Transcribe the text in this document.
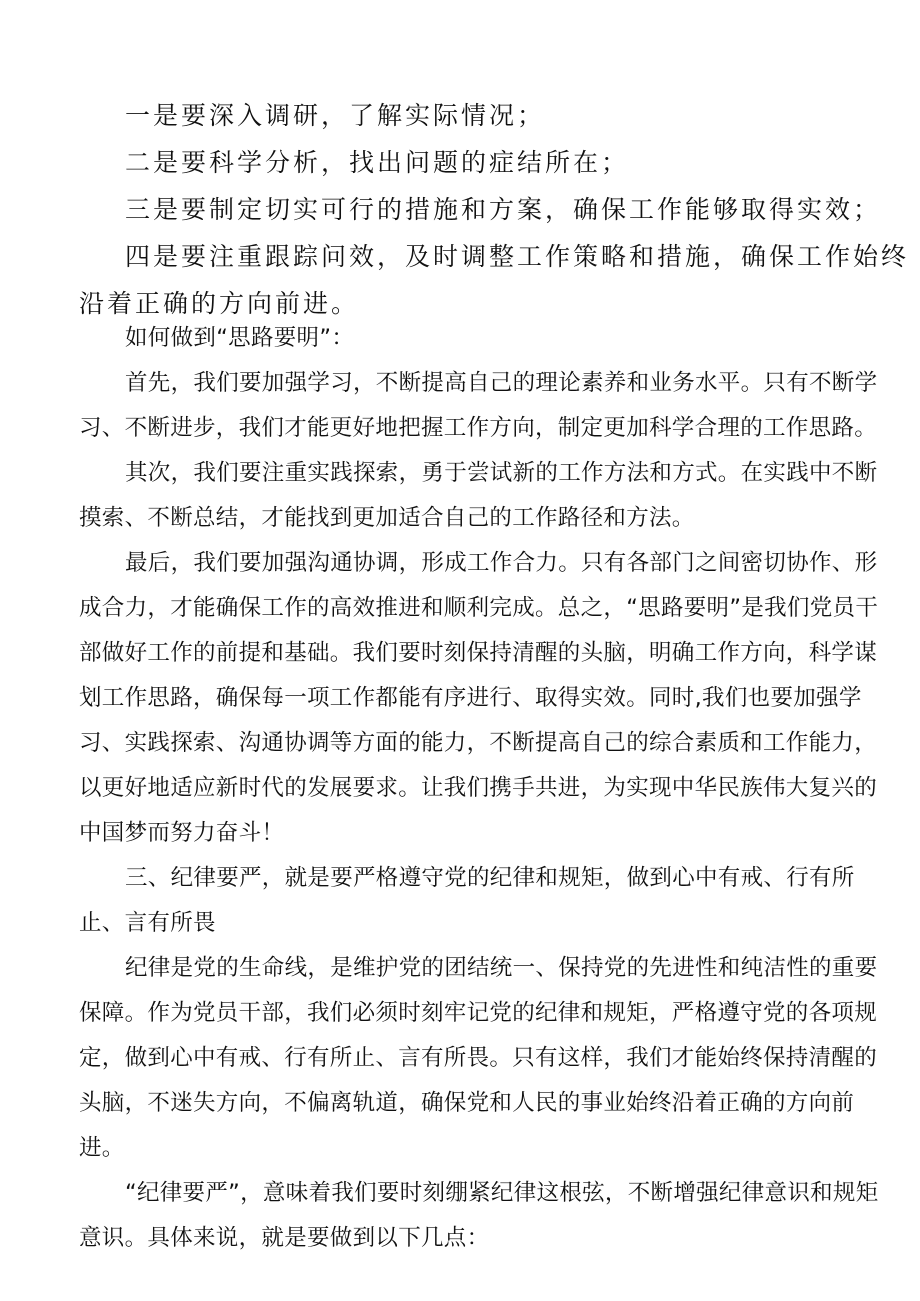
一是要深入调研，了解实际情况；

二是要科学分析，找出问题的症结所在；

三是要制定切实可行的措施和方案，确保工作能够取得实效；

四是要注重跟踪问效，及时调整工作策略和措施，确保工作始终

沿着正确的方向前进。

如何做到“思路要明”：

首先，我们要加强学习，不断提高自己的理论素养和业务水平。只有不断学习、不断进步，我们才能更好地把握工作方向，制定更加科学合理的工作思路。

其次，我们要注重实践探索，勇于尝试新的工作方法和方式。在实践中不断摸索、不断总结，才能找到更加适合自己的工作路径和方法。

最后，我们要加强沟通协调，形成工作合力。只有各部门之间密切协作、形成合力，才能确保工作的高效推进和顺利完成。总之，“思路要明”是我们党员干部做好工作的前提和基础。我们要时刻保持清醒的头脑，明确工作方向，科学谋划工作思路，确保每一项工作都能有序进行、取得实效。同时,我们也要加强学习、实践探索、沟通协调等方面的能力，不断提高自己的综合素质和工作能力，以更好地适应新时代的发展要求。让我们携手共进，为实现中华民族伟大复兴的中国梦而努力奋斗！

三、纪律要严，就是要严格遵守党的纪律和规矩，做到心中有戒、行有所止、言有所畏

纪律是党的生命线，是维护党的团结统一、保持党的先进性和纯洁性的重要保障。作为党员干部，我们必须时刻牢记党的纪律和规矩，严格遵守党的各项规定，做到心中有戒、行有所止、言有所畏。只有这样，我们才能始终保持清醒的头脑，不迷失方向，不偏离轨道，确保党和人民的事业始终沿着正确的方向前进。

“纪律要严”，意味着我们要时刻绷紧纪律这根弦，不断增强纪律意识和规矩意识。具体来说，就是要做到以下几点：
